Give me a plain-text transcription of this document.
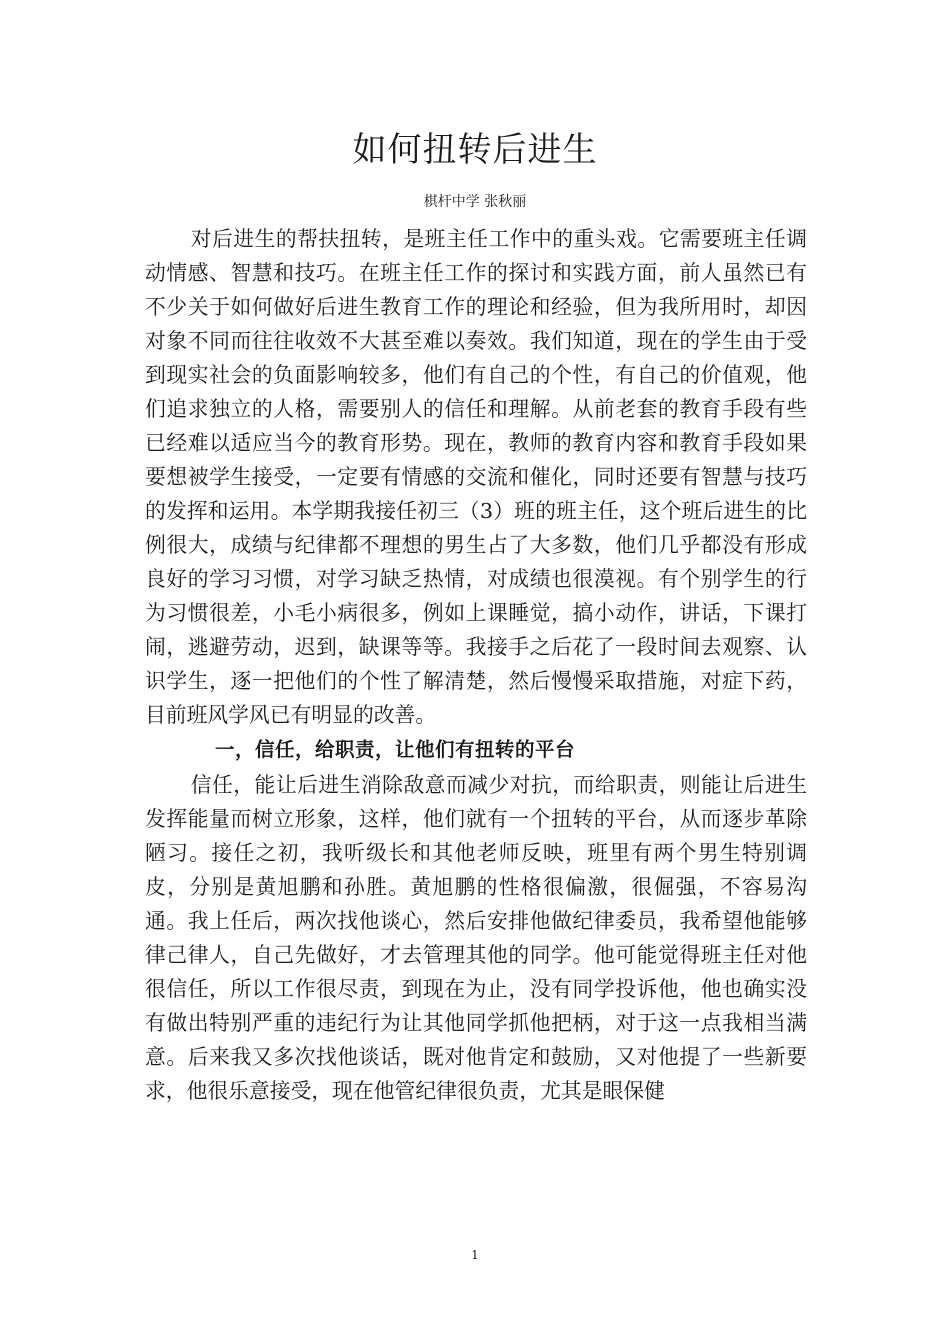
如何扭转后进生

棋杆中学 张秋丽

对后进生的帮扶扭转，是班主任工作中的重头戏。它需要班主任调动情感、智慧和技巧。在班主任工作的探讨和实践方面，前人虽然已有不少关于如何做好后进生教育工作的理论和经验，但为我所用时，却因对象不同而往往收效不大甚至难以奏效。我们知道，现在的学生由于受到现实社会的负面影响较多，他们有自己的个性，有自己的价值观，他们追求独立的人格，需要别人的信任和理解。从前老套的教育手段有些已经难以适应当今的教育形势。现在，教师的教育内容和教育手段如果要想被学生接受，一定要有情感的交流和催化，同时还要有智慧与技巧的发挥和运用。本学期我接任初三（3）班的班主任，这个班后进生的比例很大，成绩与纪律都不理想的男生占了大多数，他们几乎都没有形成良好的学习习惯，对学习缺乏热情，对成绩也很漠视。有个别学生的行为习惯很差，小毛小病很多，例如上课睡觉，搞小动作，讲话，下课打闹，逃避劳动，迟到，缺课等等。我接手之后花了一段时间去观察、认识学生，逐一把他们的个性了解清楚，然后慢慢采取措施，对症下药，目前班风学风已有明显的改善。

一，信任，给职责，让他们有扭转的平台

信任，能让后进生消除敌意而减少对抗，而给职责，则能让后进生发挥能量而树立形象，这样，他们就有一个扭转的平台，从而逐步革除陋习。接任之初，我听级长和其他老师反映，班里有两个男生特别调皮，分别是黄旭鹏和孙胜。黄旭鹏的性格很偏激，很倔强，不容易沟通。我上任后，两次找他谈心，然后安排他做纪律委员，我希望他能够律己律人，自己先做好，才去管理其他的同学。他可能觉得班主任对他很信任，所以工作很尽责，到现在为止，没有同学投诉他，他也确实没有做出特别严重的违纪行为让其他同学抓他把柄，对于这一点我相当满意。后来我又多次找他谈话，既对他肯定和鼓励，又对他提了一些新要求，他很乐意接受，现在他管纪律很负责，尤其是眼保健

1
